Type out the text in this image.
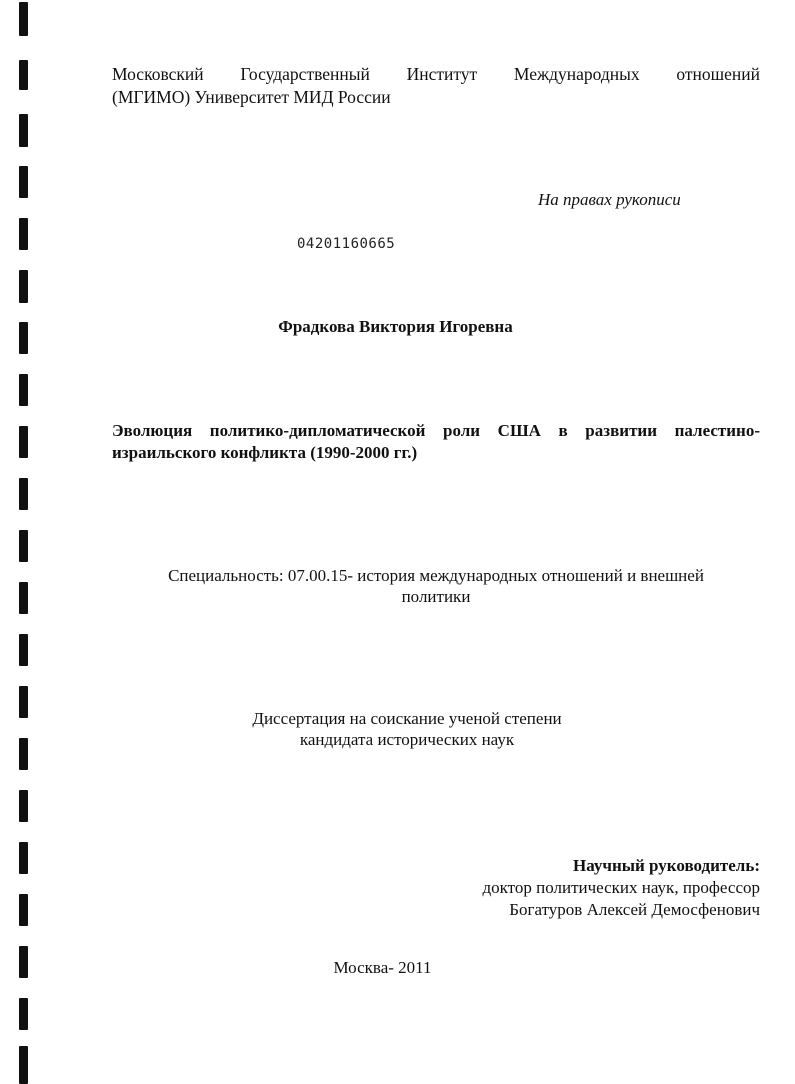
Московский Государственный Институт Международных отношений
(МГИМО) Университет МИД России
На правах рукописи
04201160665
Фрадкова Виктория Игоревна
Эволюция политико-дипломатической роли США в развитии палестино-
израильского конфликта (1990-2000 гг.)
Специальность: 07.00.15- история международных отношений и внешней
политики
Диссертация на соискание ученой степени
кандидата исторических наук
Научный руководитель:
доктор политических наук, профессор
Богатуров Алексей Демосфенович
Москва- 2011
